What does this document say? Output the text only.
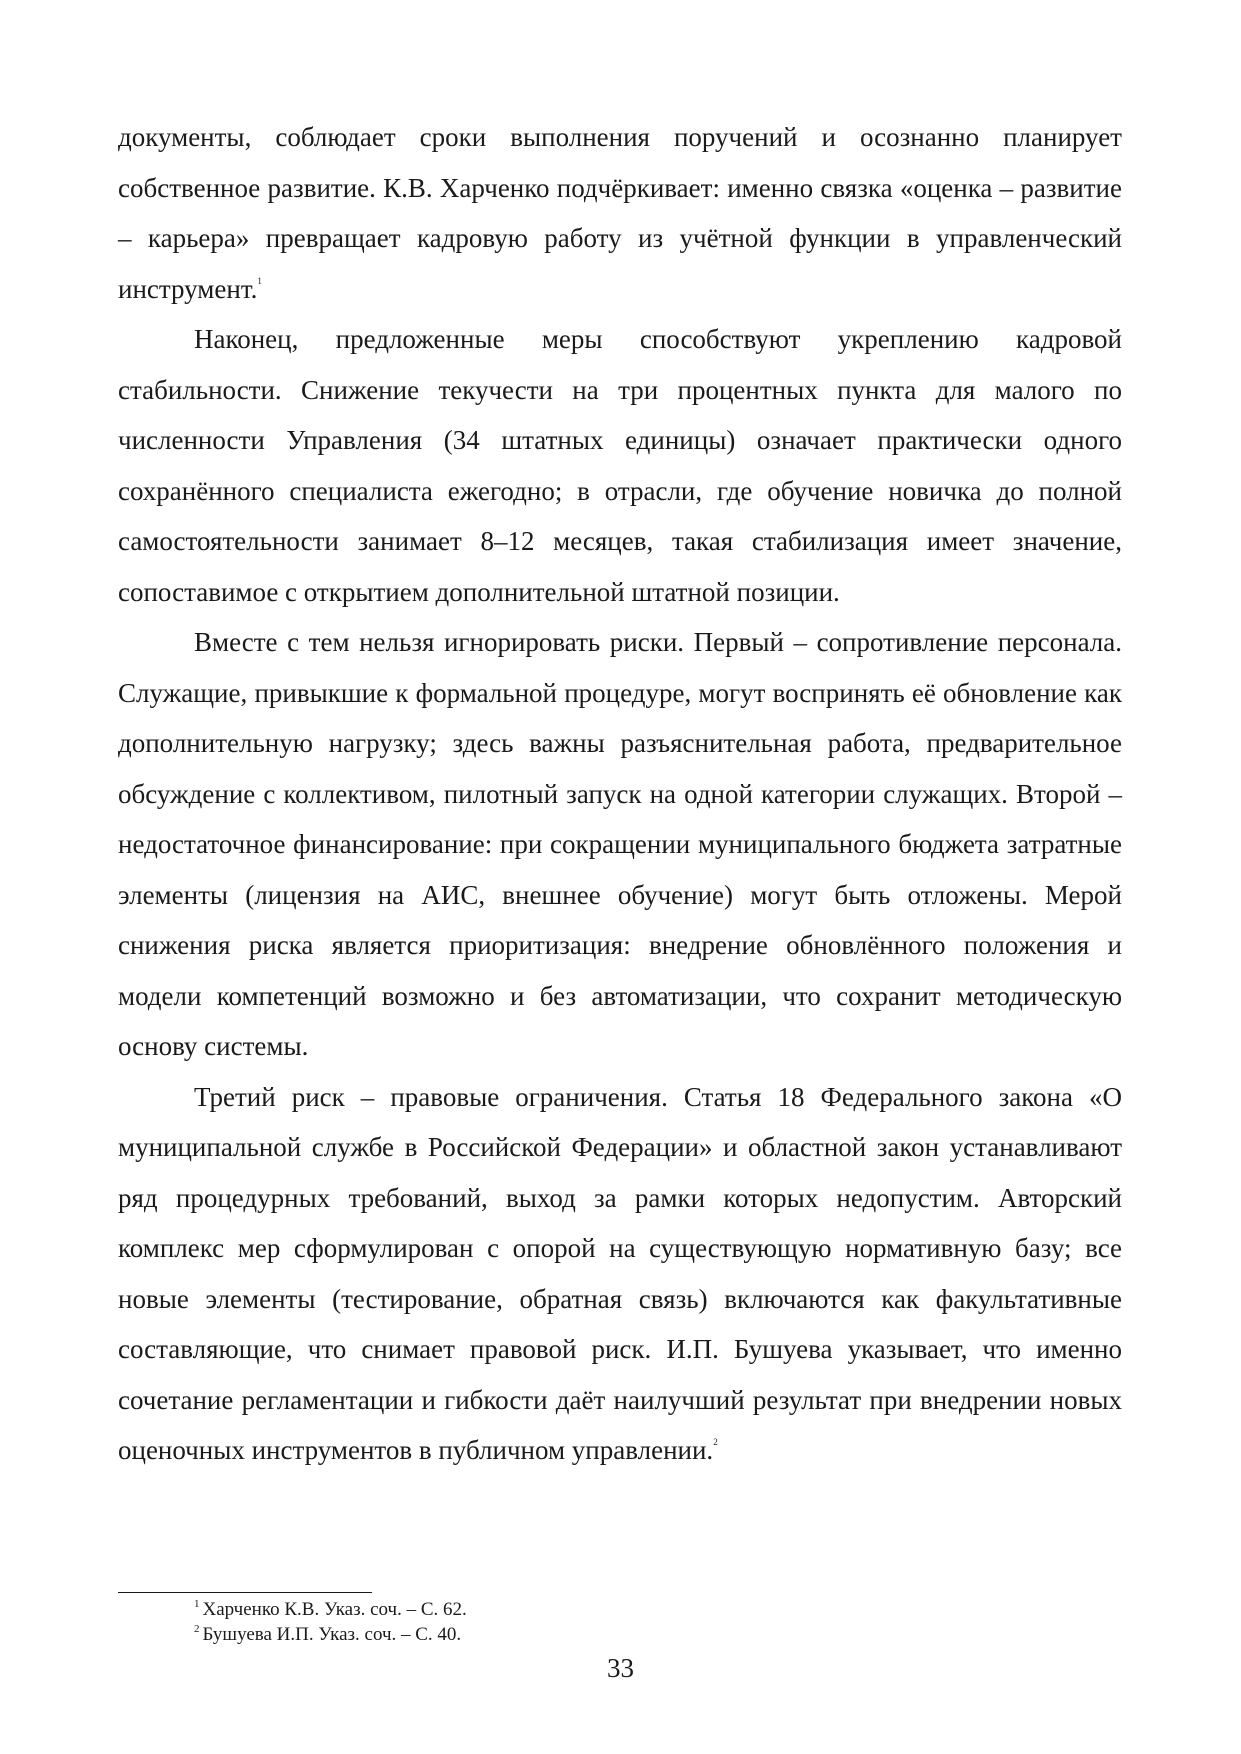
документы, соблюдает сроки выполнения поручений и осознанно планирует собственное развитие. К.В. Харченко подчёркивает: именно связка «оценка – развитие – карьера» превращает кадровую работу из учётной функции в управленческий инструмент.$^1$

Наконец, предложенные меры способствуют укреплению кадровой стабильности. Снижение текучести на три процентных пункта для малого по численности Управления (34 штатных единицы) означает практически одного сохранённого специалиста ежегодно; в отрасли, где обучение новичка до полной самостоятельности занимает 8–12 месяцев, такая стабилизация имеет значение, сопоставимое с открытием дополнительной штатной позиции.

Вместе с тем нельзя игнорировать риски. Первый – сопротивление персонала. Служащие, привыкшие к формальной процедуре, могут воспринять её обновление как дополнительную нагрузку; здесь важны разъяснительная работа, предварительное обсуждение с коллективом, пилотный запуск на одной категории служащих. Второй – недостаточное финансирование: при сокращении муниципального бюджета затратные элементы (лицензия на АИС, внешнее обучение) могут быть отложены. Мерой снижения риска является приоритизация: внедрение обновлённого положения и модели компетенций возможно и без автоматизации, что сохранит методическую основу системы.

Третий риск – правовые ограничения. Статья 18 Федерального закона «О муниципальной службе в Российской Федерации» и областной закон устанавливают ряд процедурных требований, выход за рамки которых недопустим. Авторский комплекс мер сформулирован с опорой на существующую нормативную базу; все новые элементы (тестирование, обратная связь) включаются как факультативные составляющие, что снимает правовой риск. И.П. Бушуева указывает, что именно сочетание регламентации и гибкости даёт наилучший результат при внедрении новых оценочных инструментов в публичном управлении.$^2$

$^1$ Харченко К.В. Указ. соч. – С. 62.
$^2$ Бушуева И.П. Указ. соч. – С. 40.
33
